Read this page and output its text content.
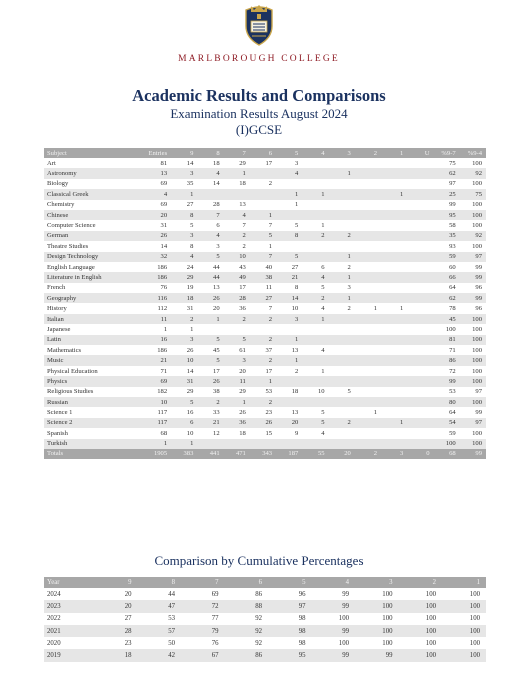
MARLBOROUGH COLLEGE
Academic Results and Comparisons
Examination Results August 2024
(I)GCSE
Subject	Entries	9	8	7	6	5	4	3	2	1	U	%9-7	%9-4
Art	81	14	18	29	17	3						75	100
Astronomy	13	3	4	1		4		1				62	92
Biology	69	35	14	18	2							97	100
Classical Greek	4	1				1	1			1		25	75
Chemistry	69	27	28	13		1						99	100
Chinese	20	8	7	4	1							95	100
Computer Science	31	5	6	7	7	5	1					58	100
German	26	3	4	2	5	8	2	2				35	92
Theatre Studies	14	8	3	2	1							93	100
Design Technology	32	4	5	10	7	5		1				59	97
English Language	186	24	44	43	40	27	6	2				60	99
Literature in English	186	29	44	49	38	21	4	1				66	99
French	76	19	13	17	11	8	5	3				64	96
Geography	116	18	26	28	27	14	2	1				62	99
History	112	31	20	36	7	10	4	2	1	1		78	96
Italian	11	2	1	2	2	3	1					45	100
Japanese	1	1										100	100
Latin	16	3	5	5	2	1						81	100
Mathematics	186	26	45	61	37	13	4					71	100
Music	21	10	5	3	2	1						86	100
Physical Education	71	14	17	20	17	2	1					72	100
Physics	69	31	26	11	1							99	100
Religious Studies	182	29	38	29	53	18	10	5				53	97
Russian	10	5	2	1	2							80	100
Science 1	117	16	33	26	23	13	5		1			64	99
Science 2	117	6	21	36	26	20	5	2		1		54	97
Spanish	68	10	12	18	15	9	4					59	100
Turkish	1	1										100	100
Totals	1905	383	441	471	343	187	55	20	2	3	0	68	99
Comparison by Cumulative Percentages
Year	9	8	7	6	5	4	3	2	1
2024	20	44	69	86	96	99	100	100	100
2023	20	47	72	88	97	99	100	100	100
2022	27	53	77	92	98	100	100	100	100
2021	28	57	79	92	98	99	100	100	100
2020	23	50	76	92	98	100	100	100	100
2019	18	42	67	86	95	99	99	100	100
